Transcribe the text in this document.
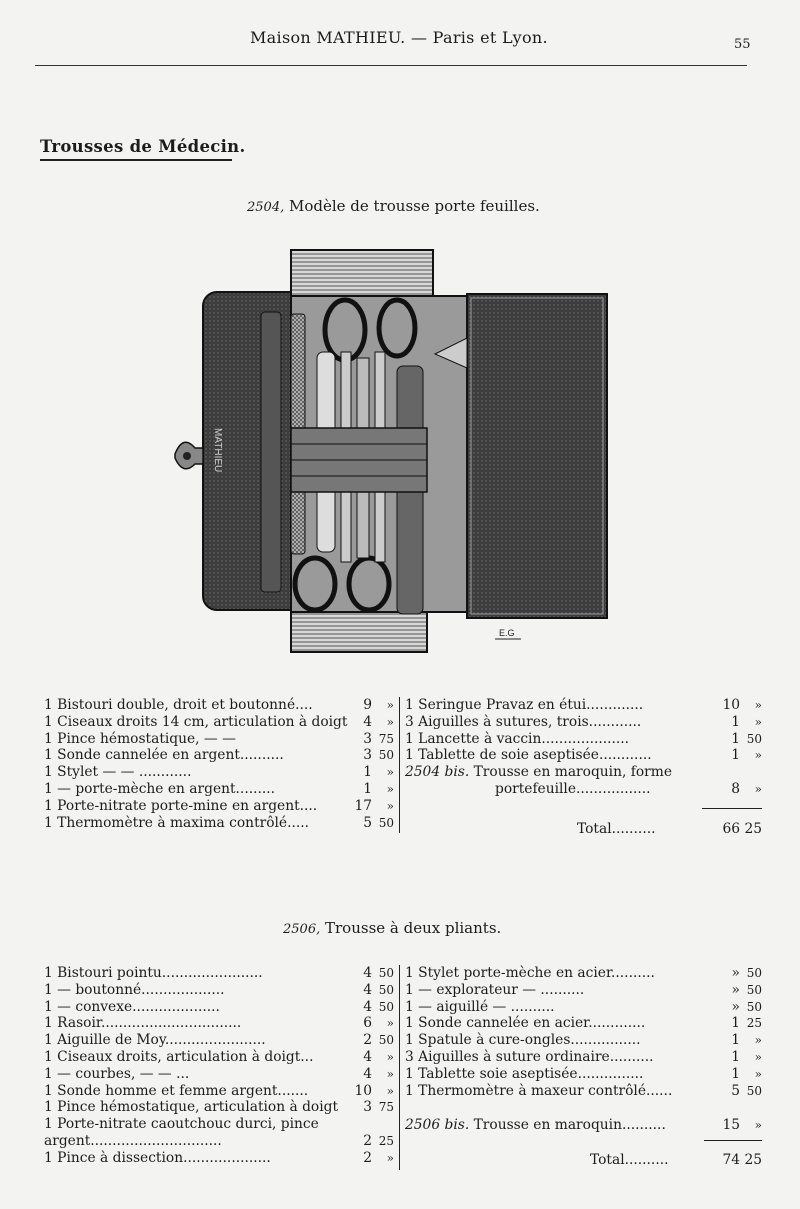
Maison MATHIEU. — Paris et Lyon.	55
Trousses de Médecin.
2504, Modèle de trousse porte feuilles.
MATHIEU
E.G
1 Bistouri double, droit et boutonné....	9 »
1 Ciseaux droits 14 cm, articulation à doigt	4 »
1 Pince hémostatique, — —	3 75
1 Sonde cannelée en argent..........	3 50
1 Stylet — — ............	1 »
1 — porte-mèche en argent.........	1 »
1 Porte-nitrate porte-mine en argent....	17 »
1 Thermomètre à maxima contrôlé.....	5 50
1 Seringue Pravaz en étui.............	10 »
3 Aiguilles à sutures, trois............	1 »
1 Lancette à vaccin....................	1 50
1 Tablette de soie aseptisée............	1 »
2504 bis. Trousse en maroquin, forme
portefeuille.................	8 »
Total..........	66 25
2506, Trousse à deux pliants.
1 Bistouri pointu.......................	4 50
1 — boutonné...................	4 50
1 — convexe....................	4 50
1 Rasoir................................	6 »
1 Aiguille de Moy.......................	2 50
1 Ciseaux droits, articulation à doigt...	4 »
1 — courbes, — — ...	4 »
1 Sonde homme et femme argent.......	10 »
1 Pince hémostatique, articulation à doigt	3 75
1 Porte-nitrate caoutchouc durci, pince
argent..............................	2 25
1 Pince à dissection....................	2 »
1 Stylet porte-mèche en acier..........	» 50
1 — explorateur — ..........	» 50
1 — aiguillé — ..........	» 50
1 Sonde cannelée en acier.............	1 25
1 Spatule à cure-ongles................	1 »
3 Aiguilles à suture ordinaire..........	1 »
1 Tablette soie aseptisée...............	1 »
1 Thermomètre à maxeur contrôlé......	5 50
2506 bis. Trousse en maroquin..........	15 »
Total..........	74 25
